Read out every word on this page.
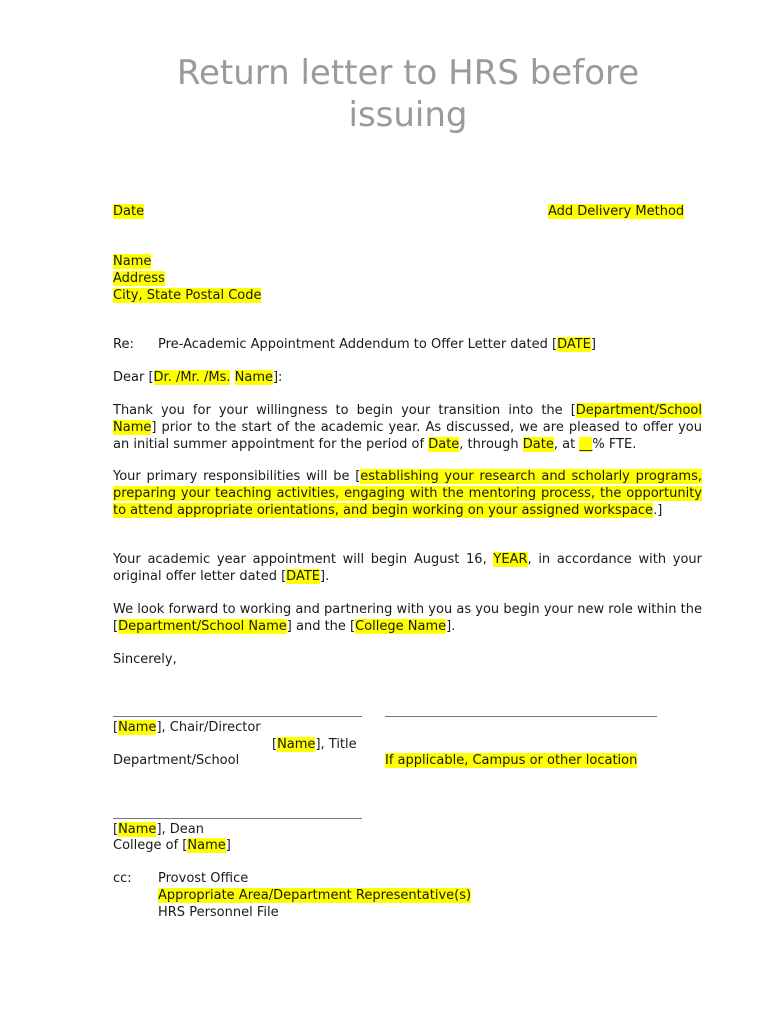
Return letter to HRS before issuing
Date	Add Delivery Method
Name
Address
City, State Postal Code
Re: Pre-Academic Appointment Addendum to Offer Letter dated [DATE]
Dear [Dr. /Mr. /Ms. Name]:
Thank you for your willingness to begin your transition into the [Department/School Name] prior to the start of the academic year. As discussed, we are pleased to offer you an initial summer appointment for the period of Date, through Date, at __% FTE.
Your primary responsibilities will be [establishing your research and scholarly programs, preparing your teaching activities, engaging with the mentoring process, the opportunity to attend appropriate orientations, and begin working on your assigned workspace.]
Your academic year appointment will begin August 16, YEAR, in accordance with your original offer letter dated [DATE].
We look forward to working and partnering with you as you begin your new role within the [Department/School Name] and the [College Name].
Sincerely,
[Name], Chair/Director
[Name], Title
Department/School	If applicable, Campus or other location
[Name], Dean
College of [Name]
cc: Provost Office
Appropriate Area/Department Representative(s)
HRS Personnel File
